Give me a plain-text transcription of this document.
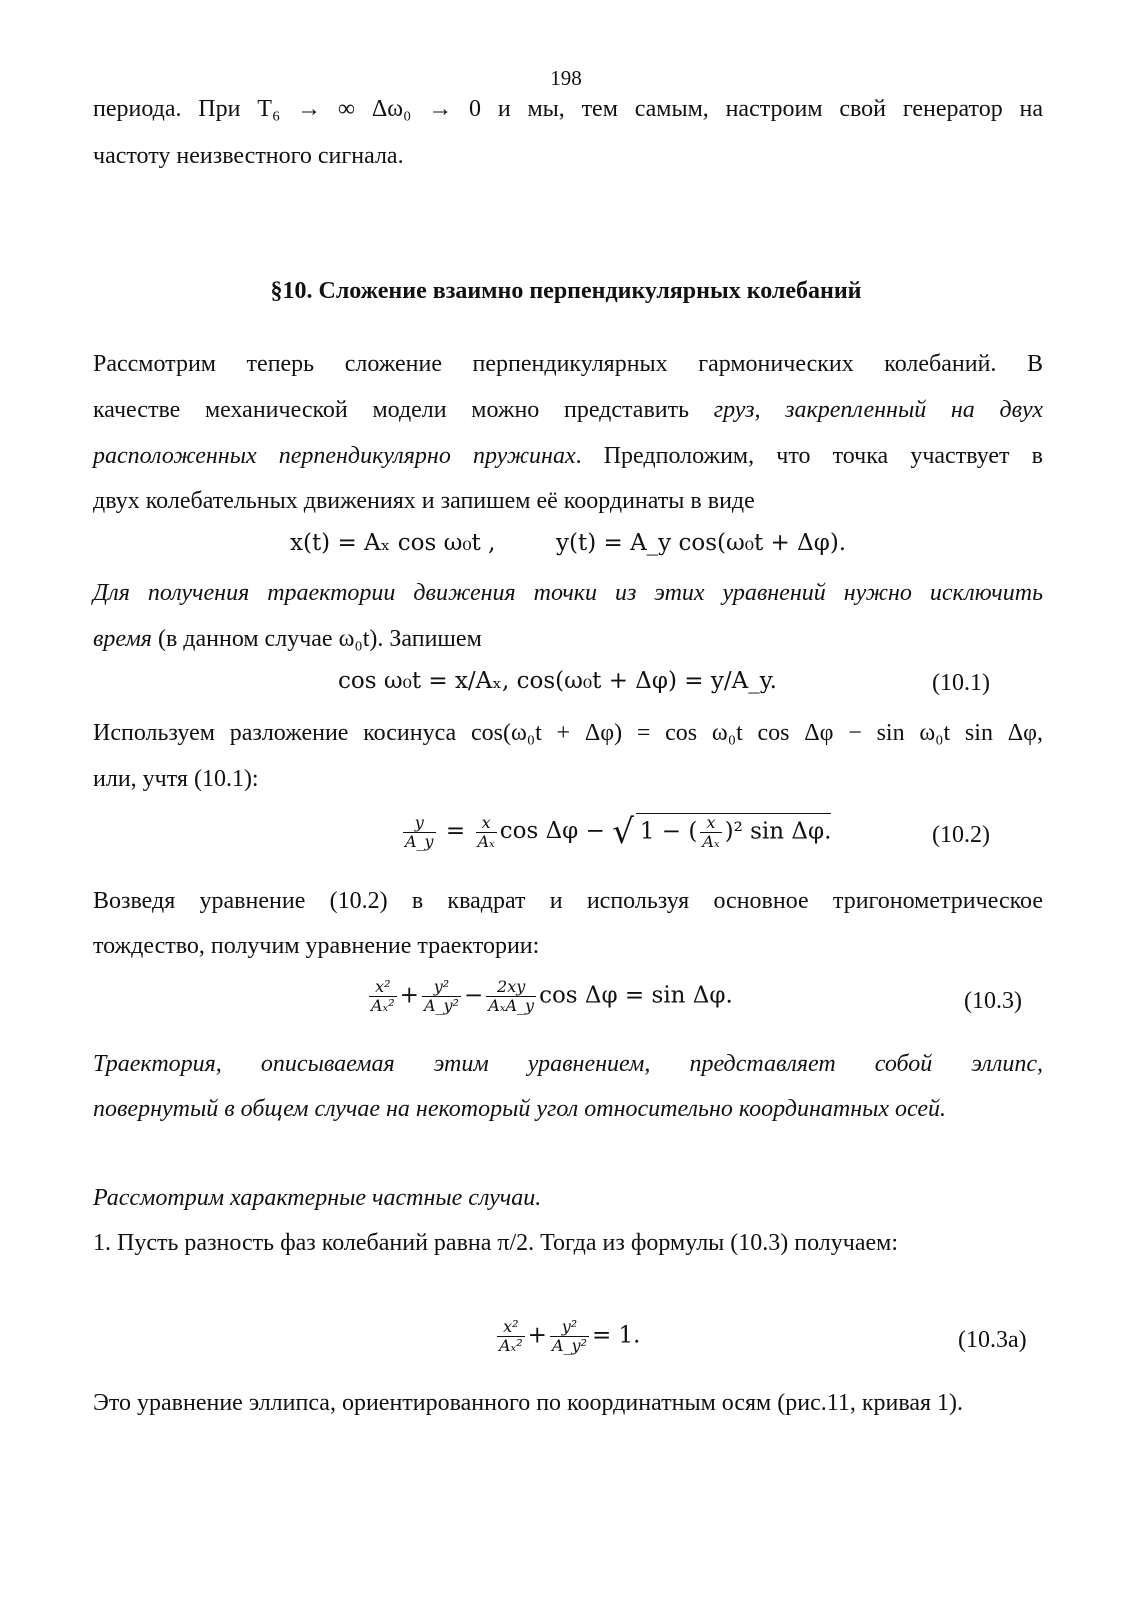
198
периода. При T₆ → ∞ Δω₀ → 0 и мы, тем самым, настроим свой генератор на
частоту неизвестного сигнала.
§10. Сложение взаимно перпендикулярных колебаний
Рассмотрим теперь сложение перпендикулярных гармонических колебаний. В
качестве механической модели можно представить груз, закрепленный на двух
расположенных перпендикулярно пружинах. Предположим, что точка участвует в
двух колебательных движениях и запишем её координаты в виде
x(t) = Aₓ cos ω₀t ,	y(t) = A_y cos(ω₀t + Δφ).
Для получения траектории движения точки из этих уравнений нужно исключить
время (в данном случае ω₀t). Запишем
cos ω₀t = x/Aₓ, cos(ω₀t + Δφ) = y/A_y.	(10.1)
Используем разложение косинуса cos(ω₀t + Δφ) = cos ω₀t cos Δφ − sin ω₀t sin Δφ,
или, учтя (10.1):
$\frac{y}{A\_y} = \frac{x}{\text{Aₓ}}$ cos Δφ − √ 1 − ( $\frac{x}{\text{Aₓ}} )^2$ sin Δφ.	(10.2)
Возведя уравнение (10.2) в квадрат и используя основное тригонометрическое
тождество, получим уравнение траектории:
$\frac{\text{x²}}{\text{Aₓ²}} + \frac{\text{y²}}{\text{A\_y²}} - \frac{2xy}{\text{AₓA\_y}}$ cos Δφ = sin Δφ.	(10.3)
Траектория, описываемая этим уравнением, представляет собой эллипс,
повернутый в общем случае на некоторый угол относительно координатных осей.
Рассмотрим характерные частные случаи.
1. Пусть разность фаз колебаний равна π/2. Тогда из формулы (10.3) получаем:
$\frac{\text{x²}}{\text{Aₓ²}} + \frac{\text{y²}}{\text{A\_y²}} = 1$.	(10.3a)
Это уравнение эллипса, ориентированного по координатным осям (рис.11, кривая 1).
